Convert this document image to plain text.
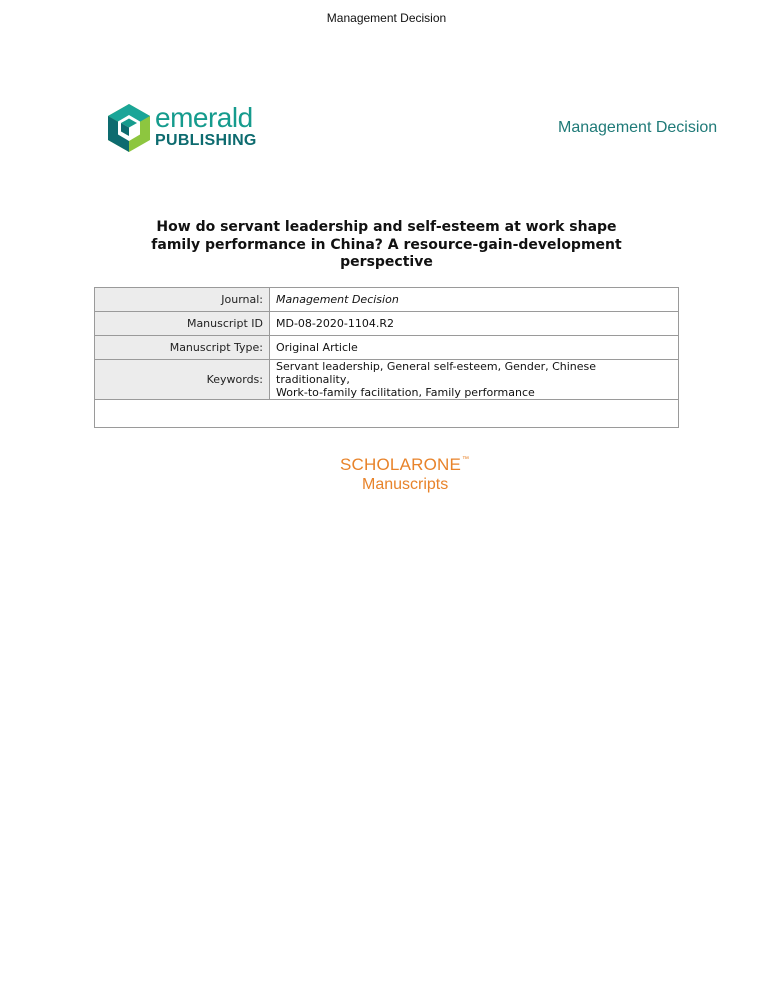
Management Decision
emerald
PUBLISHING
Management Decision
How do servant leadership and self-esteem at work shape family performance in China? A resource-gain-development perspective
Journal:	Management Decision
Manuscript ID	MD-08-2020-1104.R2
Manuscript Type:	Original Article
Keywords:	Servant leadership, General self-esteem, Gender, Chinese traditionality,
Work-to-family facilitation, Family performance

SCHOLARONE™
Manuscripts
